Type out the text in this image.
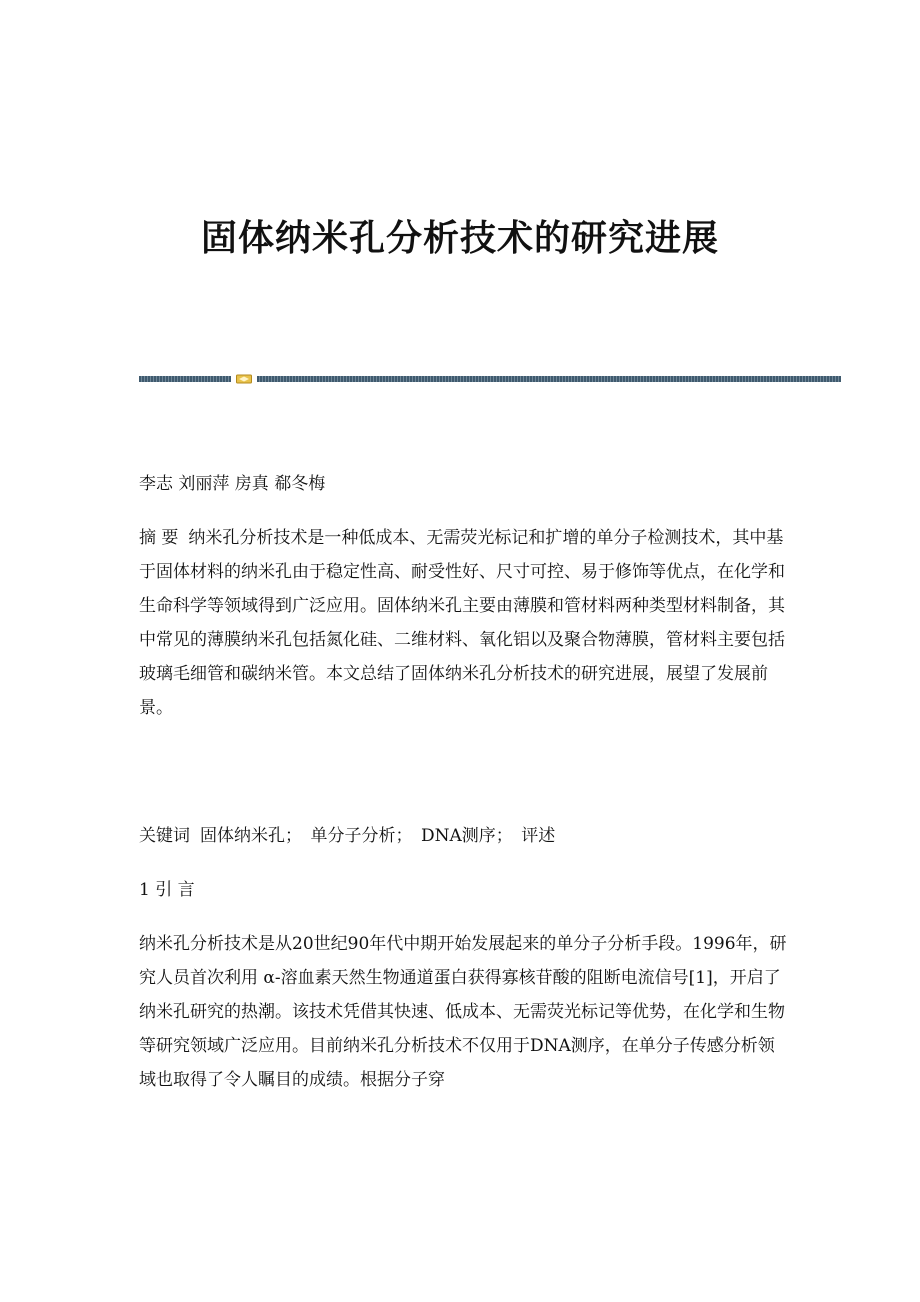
固体纳米孔分析技术的研究进展

李志 刘丽萍 房真 郗冬梅

摘 要 纳米孔分析技术是一种低成本、无需荧光标记和扩增的单分子检测技术，其中基于固体材料的纳米孔由于稳定性高、耐受性好、尺寸可控、易于修饰等优点，在化学和生命科学等领域得到广泛应用。固体纳米孔主要由薄膜和管材料两种类型材料制备，其中常见的薄膜纳米孔包括氮化硅、二维材料、氧化铝以及聚合物薄膜，管材料主要包括玻璃毛细管和碳纳米管。本文总结了固体纳米孔分析技术的研究进展，展望了发展前景。

关键词 固体纳米孔；　单分子分析；　DNA测序；　评述

1 引 言

纳米孔分析技术是从20世纪90年代中期开始发展起来的单分子分析手段。1996年，研究人员首次利用 α-溶血素天然生物通道蛋白获得寡核苷酸的阻断电流信号[1]，开启了纳米孔研究的热潮。该技术凭借其快速、低成本、无需荧光标记等优势，在化学和生物等研究领域广泛应用。目前纳米孔分析技术不仅用于DNA测序，在单分子传感分析领域也取得了令人瞩目的成绩。根据分子穿
